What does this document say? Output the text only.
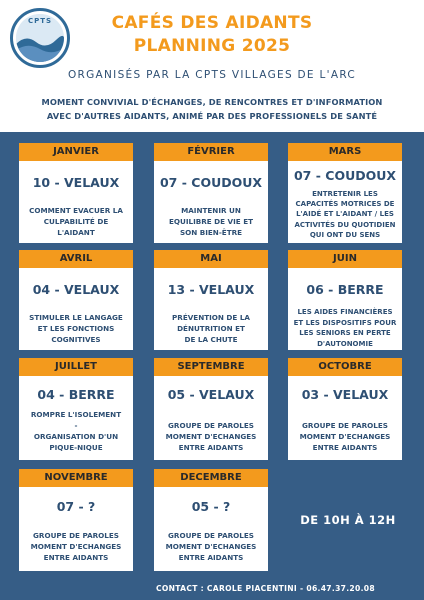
CPTS	CAFÉS DES AIDANTS
PLANNING 2025
ORGANISÉS PAR LA CPTS VILLAGES DE L'ARC
MOMENT CONVIVIAL D'ÉCHANGES, DE RENCONTRES ET D'INFORMATION
AVEC D'AUTRES AIDANTS, ANIMÉ PAR DES PROFESSIONELS DE SANTÉ
JANVIER
10 - VELAUX
COMMENT EVACUER LA
CULPABILITÉ DE
L'AIDANT
FÉVRIER
07 - COUDOUX
MAINTENIR UN
EQUILIBRE DE VIE ET
SON BIEN-ÊTRE
MARS
07 - COUDOUX
ENTRETENIR LES
CAPACITÉS MOTRICES DE
L'AIDÉ ET L'AIDANT / LES
ACTIVITÉS DU QUOTIDIEN
QUI ONT DU SENS
AVRIL
04 - VELAUX
STIMULER LE LANGAGE
ET LES FONCTIONS
COGNITIVES
MAI
13 - VELAUX
PRÉVENTION DE LA
DÉNUTRITION ET
DE LA CHUTE
JUIN
06 - BERRE
LES AIDES FINANCIÈRES
ET LES DISPOSITIFS POUR
LES SENIORS EN PERTE
D'AUTONOMIE
JUILLET
04 - BERRE
ROMPRE L'ISOLEMENT
-
ORGANISATION D'UN
PIQUE-NIQUE
SEPTEMBRE
05 - VELAUX
GROUPE DE PAROLES
MOMENT D'ECHANGES
ENTRE AIDANTS
OCTOBRE
03 - VELAUX
GROUPE DE PAROLES
MOMENT D'ECHANGES
ENTRE AIDANTS
NOVEMBRE
07 - ?
GROUPE DE PAROLES
MOMENT D'ECHANGES
ENTRE AIDANTS
DECEMBRE
05 - ?
GROUPE DE PAROLES
MOMENT D'ECHANGES
ENTRE AIDANTS
DE 10H À 12H
CONTACT : CAROLE PIACENTINI - 06.47.37.20.08
